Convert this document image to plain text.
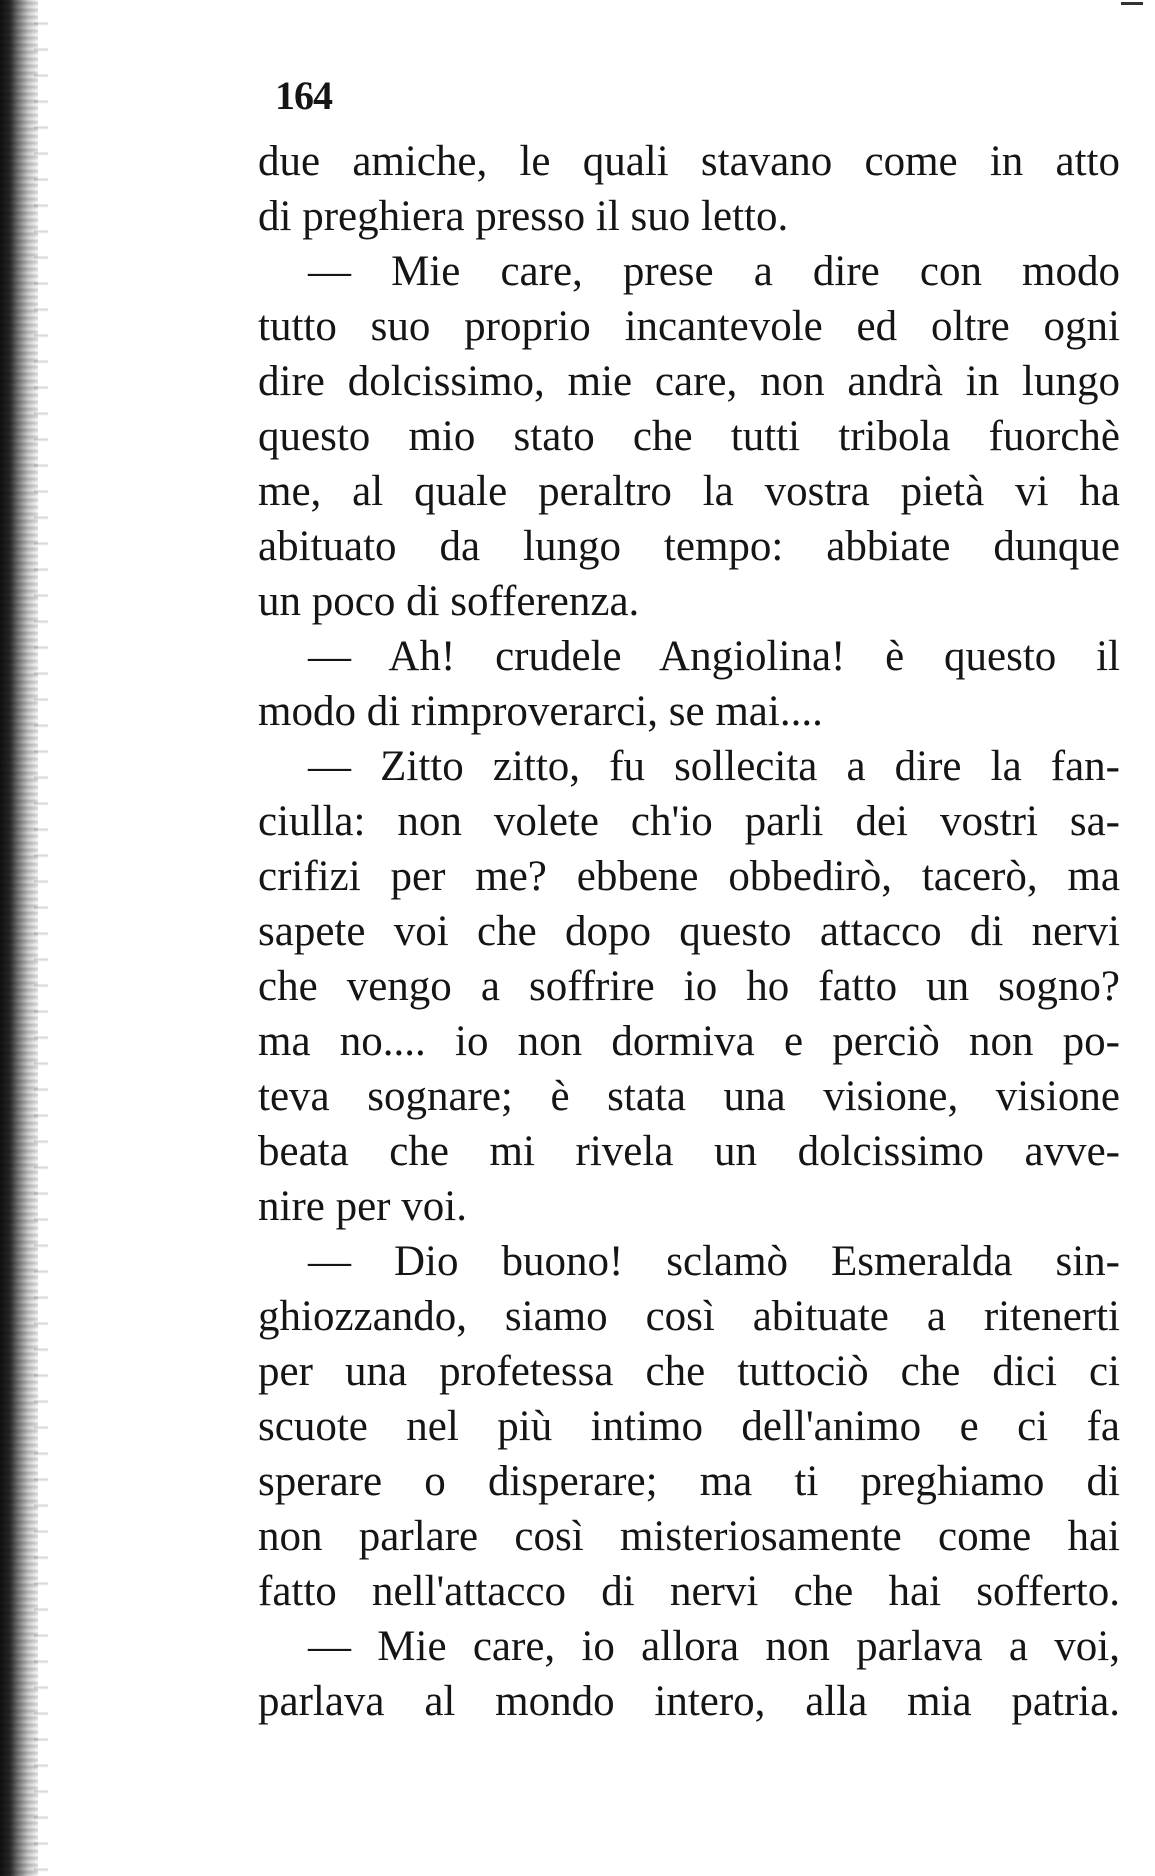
164
due amiche, le quali stavano come in atto
di preghiera presso il suo letto.
— Mie care, prese a dire con modo
tutto suo proprio incantevole ed oltre ogni
dire dolcissimo, mie care, non andrà in lungo
questo mio stato che tutti tribola fuorchè
me, al quale peraltro la vostra pietà vi ha
abituato da lungo tempo: abbiate dunque
un poco di sofferenza.
— Ah! crudele Angiolina! è questo il
modo di rimproverarci, se mai....
— Zitto zitto, fu sollecita a dire la fan-
ciulla: non volete ch'io parli dei vostri sa-
crifizi per me? ebbene obbedirò, tacerò, ma
sapete voi che dopo questo attacco di nervi
che vengo a soffrire io ho fatto un sogno?
ma no.... io non dormiva e perciò non po-
teva sognare; è stata una visione, visione
beata che mi rivela un dolcissimo avve-
nire per voi.
— Dio buono! sclamò Esmeralda sin-
ghiozzando, siamo così abituate a ritenerti
per una profetessa che tuttociò che dici ci
scuote nel più intimo dell'animo e ci fa
sperare o disperare; ma ti preghiamo di
non parlare così misteriosamente come hai
fatto nell'attacco di nervi che hai sofferto.
— Mie care, io allora non parlava a voi,
parlava al mondo intero, alla mia patria.
